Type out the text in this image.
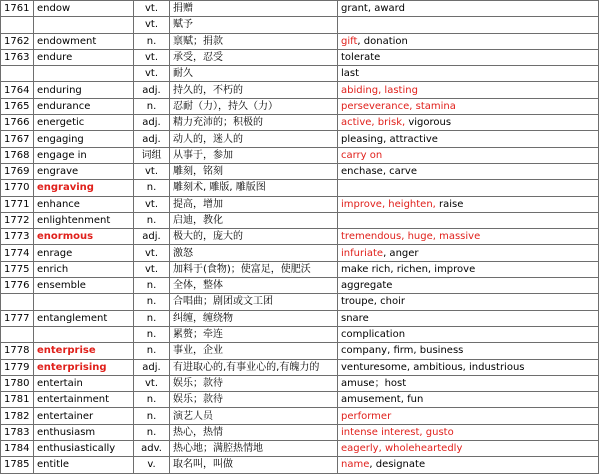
1761	endow	vt.	捐赠	grant, award
		vt.	赋予	
1762	endowment	n.	禀赋；捐款	gift, donation
1763	endure	vt.	承受，忍受	tolerate
		vt.	耐久	last
1764	enduring	adj.	持久的，不朽的	abiding, lasting
1765	endurance	n.	忍耐（力），持久（力）	perseverance, stamina
1766	energetic	adj.	精力充沛的；积极的	active, brisk, vigorous
1767	engaging	adj.	动人的，迷人的	pleasing, attractive
1768	engage in	词组	从事于，参加	carry on
1769	engrave	vt.	雕刻，铭刻	enchase, carve
1770	engraving	n.	雕刻术, 雕版, 雕版图	
1771	enhance	vt.	提高，增加	improve, heighten, raise
1772	enlightenment	n.	启迪，教化	
1773	enormous	adj.	极大的，庞大的	tremendous, huge, massive
1774	enrage	vt.	激怒	infuriate, anger
1775	enrich	vt.	加料于(食物)；使富足，使肥沃	make rich, richen, improve
1776	ensemble	n.	全体，整体	aggregate
		n.	合唱曲；剧团或文工团	troupe, choir
1777	entanglement	n.	纠缠，缠绕物	snare
		n.	累赘；牵连	complication
1778	enterprise	n.	事业，企业	company, firm, business
1779	enterprising	adj.	有进取心的,有事业心的,有魄力的	venturesome, ambitious, industrious
1780	entertain	vt.	娱乐；款待	amuse；host
1781	entertainment	n.	娱乐；款待	amusement, fun
1782	entertainer	n.	演艺人员	performer
1783	enthusiasm	n.	热心，热情	intense interest, gusto
1784	enthusiastically	adv.	热心地；满腔热情地	eagerly, wholeheartedly
1785	entitle	v.	取名叫，叫做	name, designate
